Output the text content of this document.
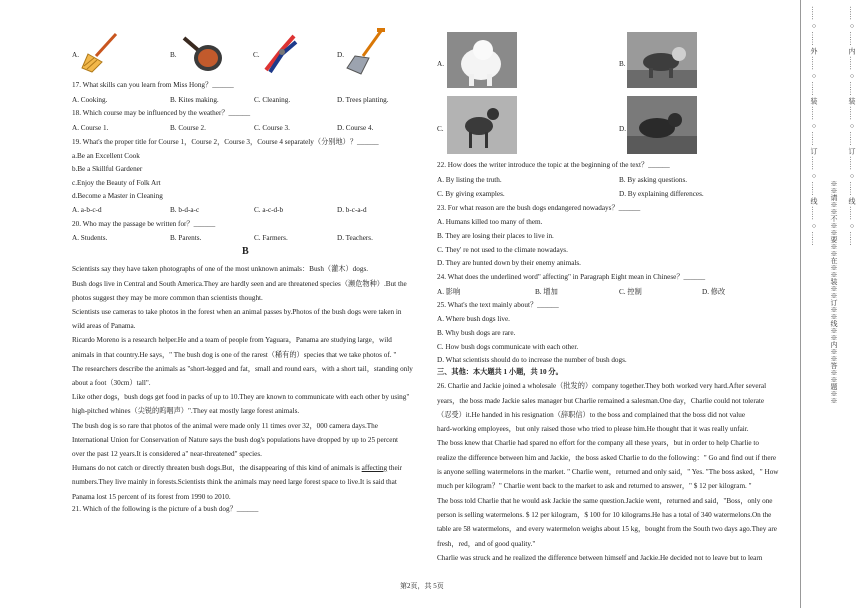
A.	B.	C.	D.
17. What skills can you learn from Miss Hong？______
A. Cooking.	B. Kites making.	C. Cleaning.	D. Trees planting.
18. Which course may be influenced by the weather？______
A. Course 1.	B. Course 2.	C. Course 3.	D. Course 4.
19. What's the proper title for Course 1，Course 2，Course 3，Course 4 separately（分别地）？______
a.Be an Excellent Cook
b.Be a Skillful Gardener
c.Enjoy the Beauty of Folk Art
d.Become a Master in Cleaning
A. a-b-c-d	B. b-d-a-c	C. a-c-d-b	D. b-c-a-d
20. Who may the passage be written for？______
A. Students.	B. Parents.	C. Farmers.	D. Teachers.
B
Scientists say they have taken photographs of one of the most unknown animals：Bush（灌木）dogs.
Bush dogs live in Central and South America.They are hardly seen and are threatened species（濒危物种）.But the
photos suggest they may be more common than scientists thought.
Scientists use cameras to take photos in the forest when an animal passes by.Photos of the bush dogs were taken in
wild areas of Panama.
Ricardo Moreno is a research helper.He and a team of people from Yaguara，Panama are studying large，wild
animals in that country.He says，" The bush dog is one of the rarest（稀有的）species that we take photos of. "
The researchers describe the animals as "short-legged and fat，small and round ears，with a short tail，standing only
about a foot（30cm）tall".
Like other dogs，bush dogs get food in packs of up to 10.They are known to communicate with each other by using"
high-pitched whines（尖锐的呜咽声）".They eat mostly large forest animals.
The bush dog is so rare that photos of the animal were made only 11 times over 32，000 camera days.The
International Union for Conservation of Nature says the bush dog's populations have dropped by up to 25 percent
over the past 12 years.It is considered a" near-threatened" species.
Humans do not catch or directly threaten bush dogs.But，the disappearing of this kind of animals is affecting their
numbers.They live mainly in forests.Scientists think the animals may need large forest space to live.It is said that
Panama lost 15 percent of its forest from 1990 to 2010.
21. Which of the following is the picture of a bush dog？______
A.	B.
C.	D.
22. How does the writer introduce the topic at the beginning of the text？______
A. By listing the truth.	B. By asking questions.
C. By giving examples.	D. By explaining differences.
23. For what reason are the bush dogs endangered nowadays？______
A. Humans killed too many of them.
B. They are losing their places to live in.
C. They' re not used to the climate nowadays.
D. They are hunted down by their enemy animals.
24. What does the underlined word" affecting" in Paragraph Eight mean in Chinese？______
A. 影响	B. 增加	C. 控制	D. 修改
25. What's the text mainly about？______
A. Where bush dogs live.
B. Why bush dogs are rare.
C. How bush dogs communicate with each other.
D. What scientists should do to increase the number of bush dogs.
三、其他：本大题共 1 小题，共 10 分。
26. Charlie and Jackie joined a wholesale（批发的）company together.They both worked very hard.After several
years，the boss made Jackie sales manager but Charlie remained a salesman.One day，Charlie could not tolerate
（忍受）it.He handed in his resignation（辞职信）to the boss and complained that the boss did not value
hard-working employees，but only raised those who tried to please him.He thought that it was really unfair.
The boss knew that Charlie had spared no effort for the company all these years，but in order to help Charlie to
realize the difference between him and Jackie，the boss asked Charlie to do the following：" Go and find out if there
is anyone selling watermelons in the market. " Charlie went，returned and only said，" Yes. "The boss asked，" How
much per kilogram？" Charlie went back to the market to ask and returned to answer，" $ 12 per kilogram. "
The boss told Charlie that he would ask Jackie the same question.Jackie went，returned and said，"Boss，only one
person is selling watermelons. $ 12 per kilogram，$ 100 for 10 kilograms.He has a total of 340 watermelons.On the
table are 58 watermelons，and every watermelon weighs about 15 kg，bought from the South two days ago.They are
fresh，red，and of good quality."
Charlie was struck and he realized the difference between himself and Jackie.He decided not to leave but to learn
第2页，共 5页
…… ○ …… 外 …… ○ …… 装 …… ○ …… 订 …… ○ …… 线 …… ○ ……
※※请※※不※※要※※在※※装※※订※※线※※内※※答※※题※※
…… ○ …… 内 …… ○ …… 装 …… ○ …… 订 …… ○ …… 线 …… ○ ……
